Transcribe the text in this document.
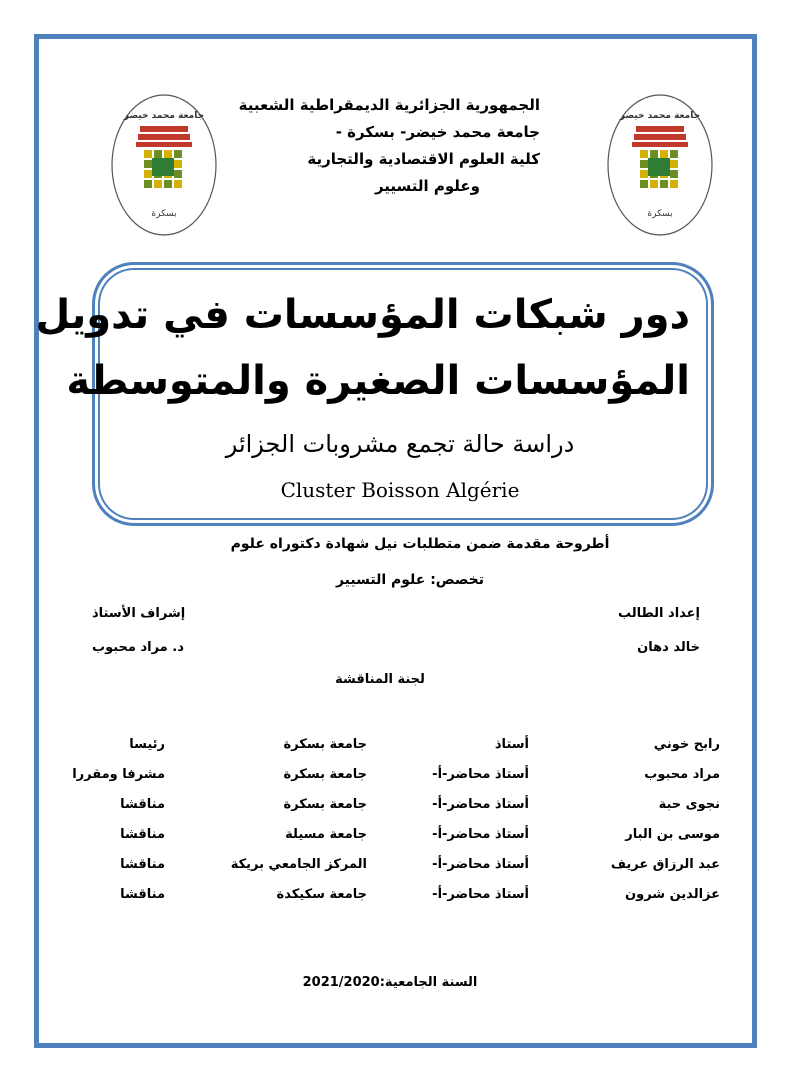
جامعة محمد خيضر
بسكرة
جامعة محمد خيضر
بسكرة
الجمهورية الجزائرية الديمقراطية الشعبية
جامعة محمد خيضر- بسكرة -
كلية العلوم الاقتصادية والتجارية
وعلوم التسيير
دور شبكات المؤسسات في تدويل
المؤسسات الصغيرة والمتوسطة
دراسة حالة تجمع مشروبات الجزائر
Cluster Boisson Algérie
أطروحة مقدمة ضمن متطلبات نيل شهادة دكتوراه علوم
تخصص: علوم التسيير
إعداد الطالب
خالد دهان
إشراف الأستاذ
د. مراد محبوب
لجنة المناقشة
رابح خوني
أستاذ
جامعة بسكرة
رئيسا
مراد محبوب
أستاذ محاضر-أ-
جامعة بسكرة
مشرفا ومقررا
نجوى حبة
أستاذ محاضر-أ-
جامعة بسكرة
مناقشا
موسى بن البار
أستاذ محاضر-أ-
جامعة مسيلة
مناقشا
عبد الرزاق عريف
أستاذ محاضر-أ-
المركز الجامعي بريكة
مناقشا
عزالدين شرون
أستاذ محاضر-أ-
جامعة سكيكدة
مناقشا
السنة الجامعية:2021/2020
